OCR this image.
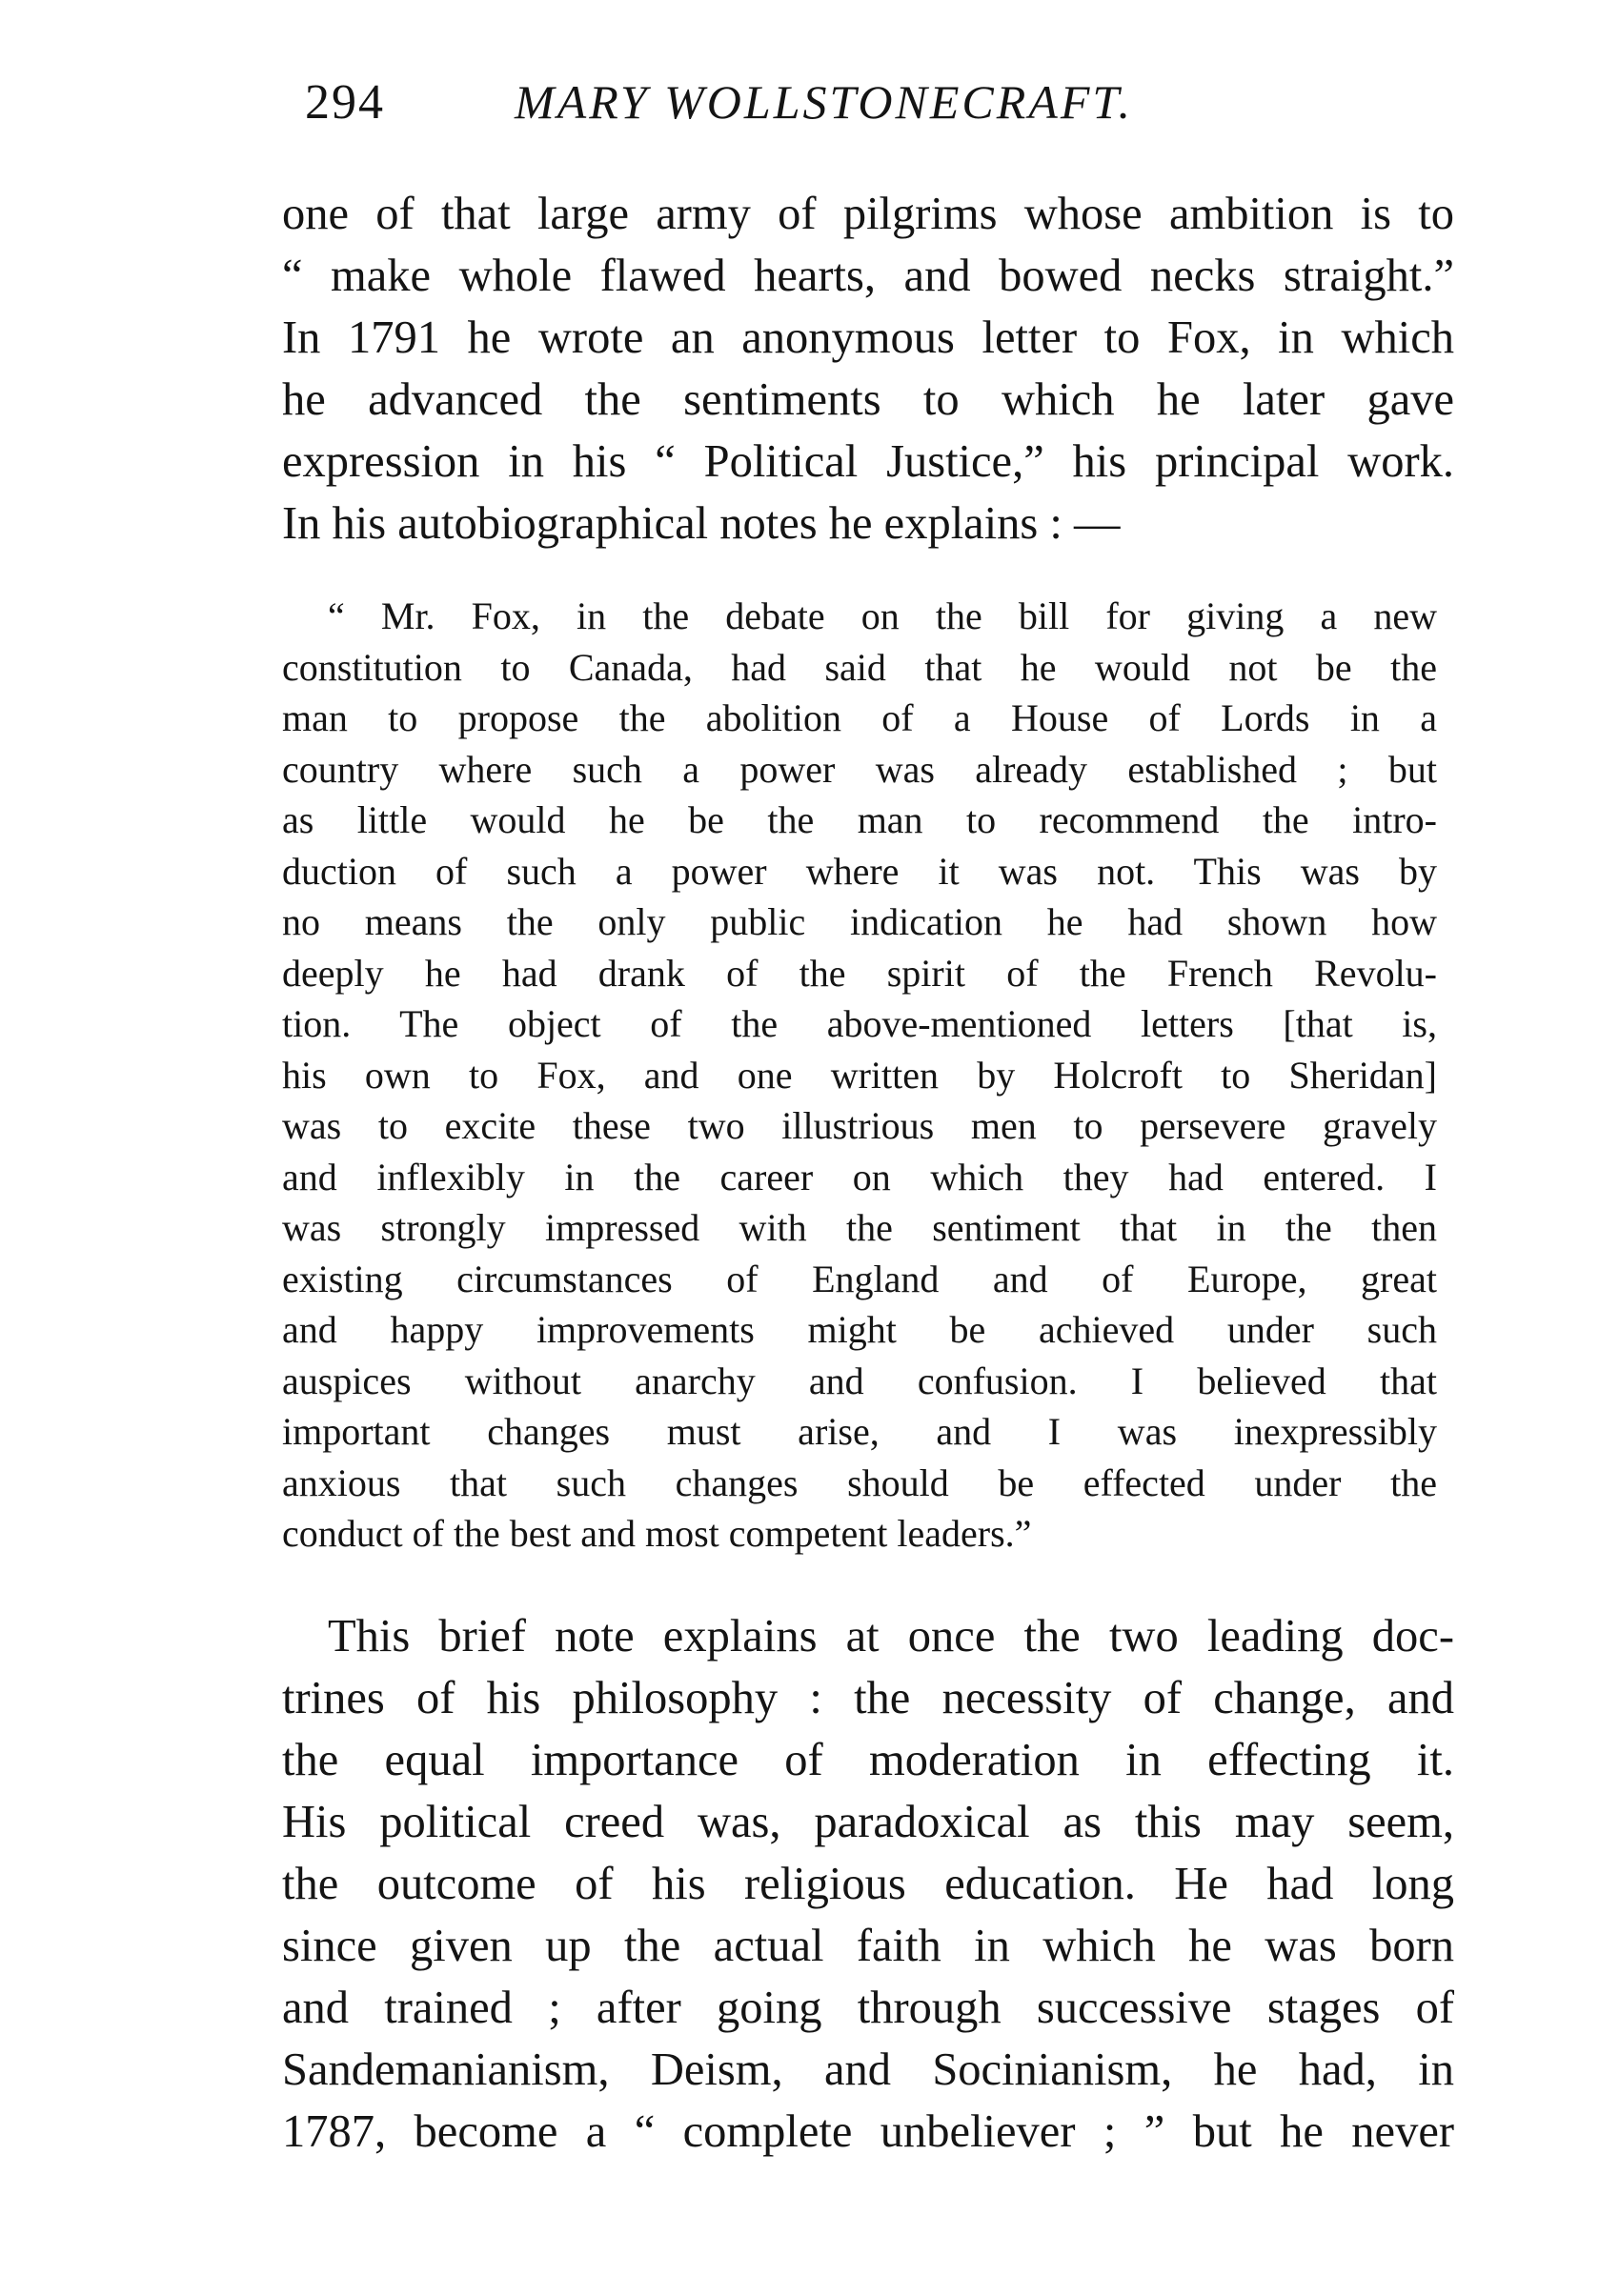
294	MARY WOLLSTONECRAFT.
one of that large army of pilgrims whose ambition is to
“ make whole flawed hearts, and bowed necks straight.”
In 1791 he wrote an anonymous letter to Fox, in which
he advanced the sentiments to which he later gave
expression in his “ Political Justice,” his principal work.
In his autobiographical notes he explains : —
“ Mr. Fox, in the debate on the bill for giving a new
constitution to Canada, had said that he would not be the
man to propose the abolition of a House of Lords in a
country where such a power was already established ; but
as little would he be the man to recommend the intro-
duction of such a power where it was not. This was by
no means the only public indication he had shown how
deeply he had drank of the spirit of the French Revolu-
tion. The object of the above-mentioned letters [that is,
his own to Fox, and one written by Holcroft to Sheridan]
was to excite these two illustrious men to persevere gravely
and inflexibly in the career on which they had entered. I
was strongly impressed with the sentiment that in the then
existing circumstances of England and of Europe, great
and happy improvements might be achieved under such
auspices without anarchy and confusion. I believed that
important changes must arise, and I was inexpressibly
anxious that such changes should be effected under the
conduct of the best and most competent leaders.”
This brief note explains at once the two leading doc-
trines of his philosophy : the necessity of change, and
the equal importance of moderation in effecting it.
His political creed was, paradoxical as this may seem,
the outcome of his religious education. He had long
since given up the actual faith in which he was born
and trained ; after going through successive stages of
Sandemanianism, Deism, and Socinianism, he had, in
1787, become a “ complete unbeliever ; ” but he never
